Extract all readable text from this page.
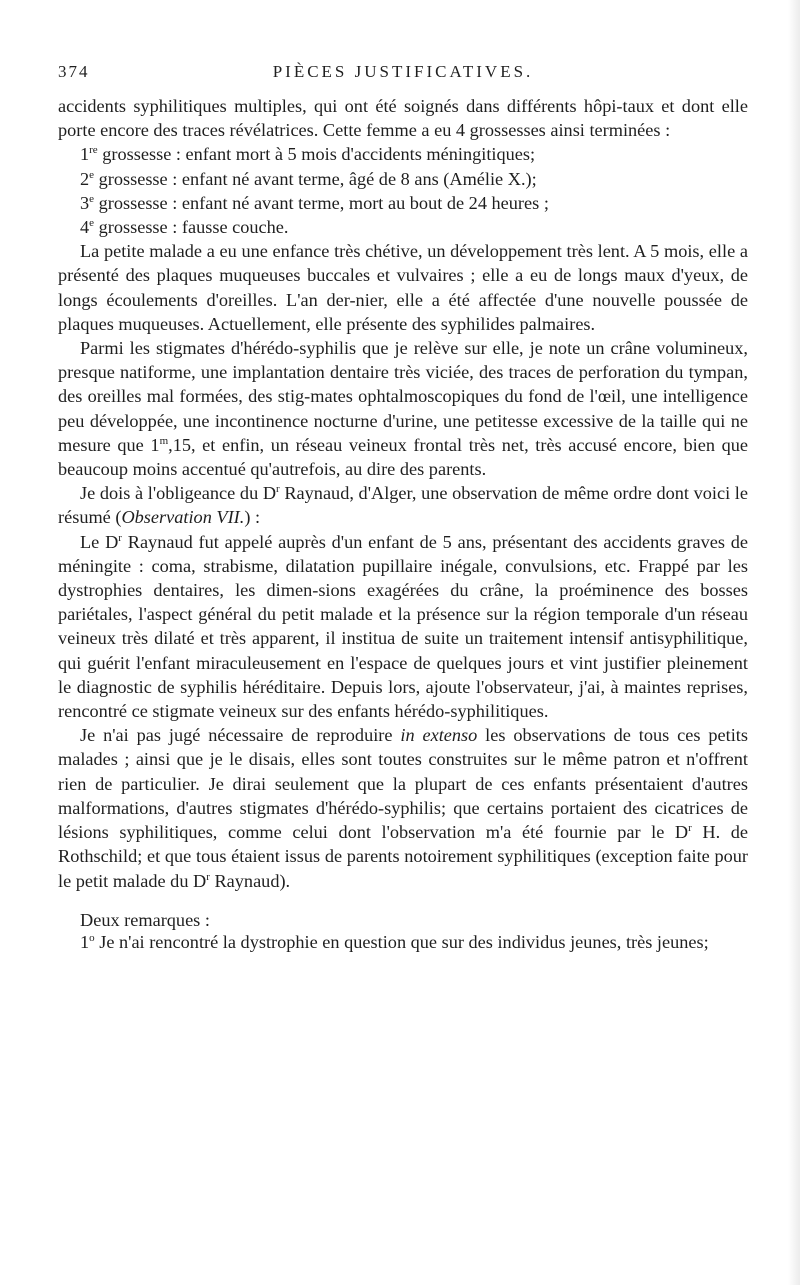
PIÈCES JUSTIFICATIVES.
374

accidents syphilitiques multiples, qui ont été soignés dans différents hôpi-taux et dont elle porte encore des traces révélatrices. Cette femme a eu 4 grossesses ainsi terminées :

1re grossesse : enfant mort à 5 mois d'accidents méningitiques;

2e grossesse : enfant né avant terme, âgé de 8 ans (Amélie X.);

3e grossesse : enfant né avant terme, mort au bout de 24 heures ;

4e grossesse : fausse couche.

La petite malade a eu une enfance très chétive, un développement très lent. A 5 mois, elle a présenté des plaques muqueuses buccales et vulvaires ; elle a eu de longs maux d'yeux, de longs écoulements d'oreilles. L'an der-nier, elle a été affectée d'une nouvelle poussée de plaques muqueuses. Actuellement, elle présente des syphilides palmaires.

Parmi les stigmates d'hérédo-syphilis que je relève sur elle, je note un crâne volumineux, presque natiforme, une implantation dentaire très viciée, des traces de perforation du tympan, des oreilles mal formées, des stig-mates ophtalmoscopiques du fond de l'œil, une intelligence peu développée, une incontinence nocturne d'urine, une petitesse excessive de la taille qui ne mesure que 1$^m$,15, et enfin, un réseau veineux frontal très net, très accusé encore, bien que beaucoup moins accentué qu'autrefois, au dire des parents.

Je dois à l'obligeance du $D^r$ Raynaud, d'Alger, une observation de même ordre dont voici le résumé (Observation VII.) :

Le $D^r$ Raynaud fut appelé auprès d'un enfant de 5 ans, présentant des accidents graves de méningite : coma, strabisme, dilatation pupillaire inégale, convulsions, etc. Frappé par les dystrophies dentaires, les dimen-sions exagérées du crâne, la proéminence des bosses pariétales, l'aspect général du petit malade et la présence sur la région temporale d'un réseau veineux très dilaté et très apparent, il institua de suite un traitement intensif antisyphilitique, qui guérit l'enfant miraculeusement en l'espace de quelques jours et vint justifier pleinement le diagnostic de syphilis héréditaire. Depuis lors, ajoute l'observateur, j'ai, à maintes reprises, rencontré ce stigmate veineux sur des enfants hérédo-syphilitiques.

Je n'ai pas jugé nécessaire de reproduire in extenso les observations de tous ces petits malades ; ainsi que je le disais, elles sont toutes construites sur le même patron et n'offrent rien de particulier. Je dirai seulement que la plupart de ces enfants présentaient d'autres malformations, d'autres stigmates d'hérédo-syphilis; que certains portaient des cicatrices de lésions syphilitiques, comme celui dont l'observation m'a été fournie par le $D^r$ H. de Rothschild; et que tous étaient issus de parents notoirement syphilitiques (exception faite pour le petit malade du $D^r$ Raynaud).

Deux remarques :

1$^o$ Je n'ai rencontré la dystrophie en question que sur des individus jeunes, très jeunes;
